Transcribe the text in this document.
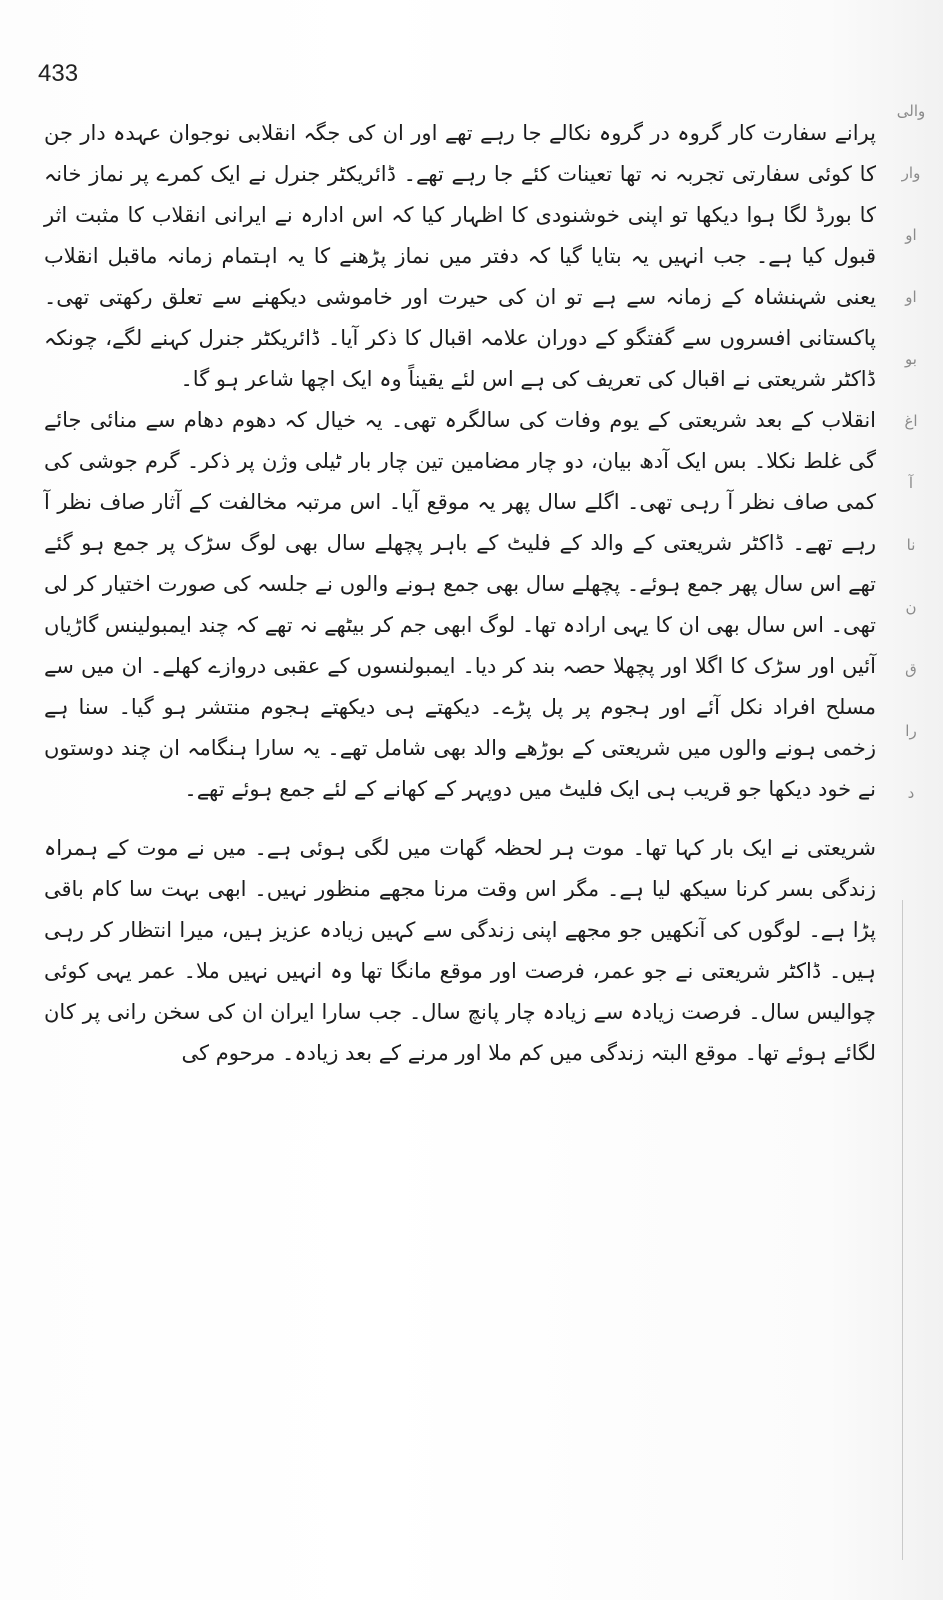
433

پرانے سفارت کار گروہ در گروہ نکالے جا رہے تھے اور ان کی جگہ انقلابی نوجوان عہدہ دار جن کا کوئی سفارتی تجربہ نہ تھا تعینات کئے جا رہے تھے۔ ڈائریکٹر جنرل نے ایک کمرے پر نماز خانہ کا بورڈ لگا ہوا دیکھا تو اپنی خوشنودی کا اظہار کیا کہ اس ادارہ نے ایرانی انقلاب کا مثبت اثر قبول کیا ہے۔ جب انہیں یہ بتایا گیا کہ دفتر میں نماز پڑھنے کا یہ اہتمام زمانہ ماقبل انقلاب یعنی شہنشاہ کے زمانہ سے ہے تو ان کی حیرت اور خاموشی دیکھنے سے تعلق رکھتی تھی۔ پاکستانی افسروں سے گفتگو کے دوران علامہ اقبال کا ذکر آیا۔ ڈائریکٹر جنرل کہنے لگے، چونکہ ڈاکٹر شریعتی نے اقبال کی تعریف کی ہے اس لئے یقیناً وہ ایک اچھا شاعر ہو گا۔

انقلاب کے بعد شریعتی کے یوم وفات کی سالگرہ تھی۔ یہ خیال کہ دھوم دھام سے منائی جائے گی غلط نکلا۔ بس ایک آدھ بیان، دو چار مضامین تین چار بار ٹیلی وژن پر ذکر۔ گرم جوشی کی کمی صاف نظر آ رہی تھی۔ اگلے سال پھر یہ موقع آیا۔ اس مرتبہ مخالفت کے آثار صاف نظر آ رہے تھے۔ ڈاکٹر شریعتی کے والد کے فلیٹ کے باہر پچھلے سال بھی لوگ سڑک پر جمع ہو گئے تھے اس سال پھر جمع ہوئے۔ پچھلے سال بھی جمع ہونے والوں نے جلسہ کی صورت اختیار کر لی تھی۔ اس سال بھی ان کا یہی ارادہ تھا۔ لوگ ابھی جم کر بیٹھے نہ تھے کہ چند ایمبولینس گاڑیاں آئیں اور سڑک کا اگلا اور پچھلا حصہ بند کر دیا۔ ایمبولنسوں کے عقبی دروازے کھلے۔ ان میں سے مسلح افراد نکل آئے اور ہجوم پر پل پڑے۔ دیکھتے ہی دیکھتے ہجوم منتشر ہو گیا۔ سنا ہے زخمی ہونے والوں میں شریعتی کے بوڑھے والد بھی شامل تھے۔ یہ سارا ہنگامہ ان چند دوستوں نے خود دیکھا جو قریب ہی ایک فلیٹ میں دوپہر کے کھانے کے لئے جمع ہوئے تھے۔

شریعتی نے ایک بار کہا تھا۔ موت ہر لحظہ گھات میں لگی ہوئی ہے۔ میں نے موت کے ہمراہ زندگی بسر کرنا سیکھ لیا ہے۔ مگر اس وقت مرنا مجھے منظور نہیں۔ ابھی بہت سا کام باقی پڑا ہے۔ لوگوں کی آنکھیں جو مجھے اپنی زندگی سے کہیں زیادہ عزیز ہیں، میرا انتظار کر رہی ہیں۔ ڈاکٹر شریعتی نے جو عمر، فرصت اور موقع مانگا تھا وہ انہیں نہیں ملا۔ عمر یہی کوئی چوالیس سال۔ فرصت زیادہ سے زیادہ چار پانچ سال۔ جب سارا ایران ان کی سخن رانی پر کان لگائے ہوئے تھا۔ موقع البتہ زندگی میں کم ملا اور مرنے کے بعد زیادہ۔ مرحوم کی

والی
وار
او
او
بو
اغ
آ
نا
ن
ق
را
د
